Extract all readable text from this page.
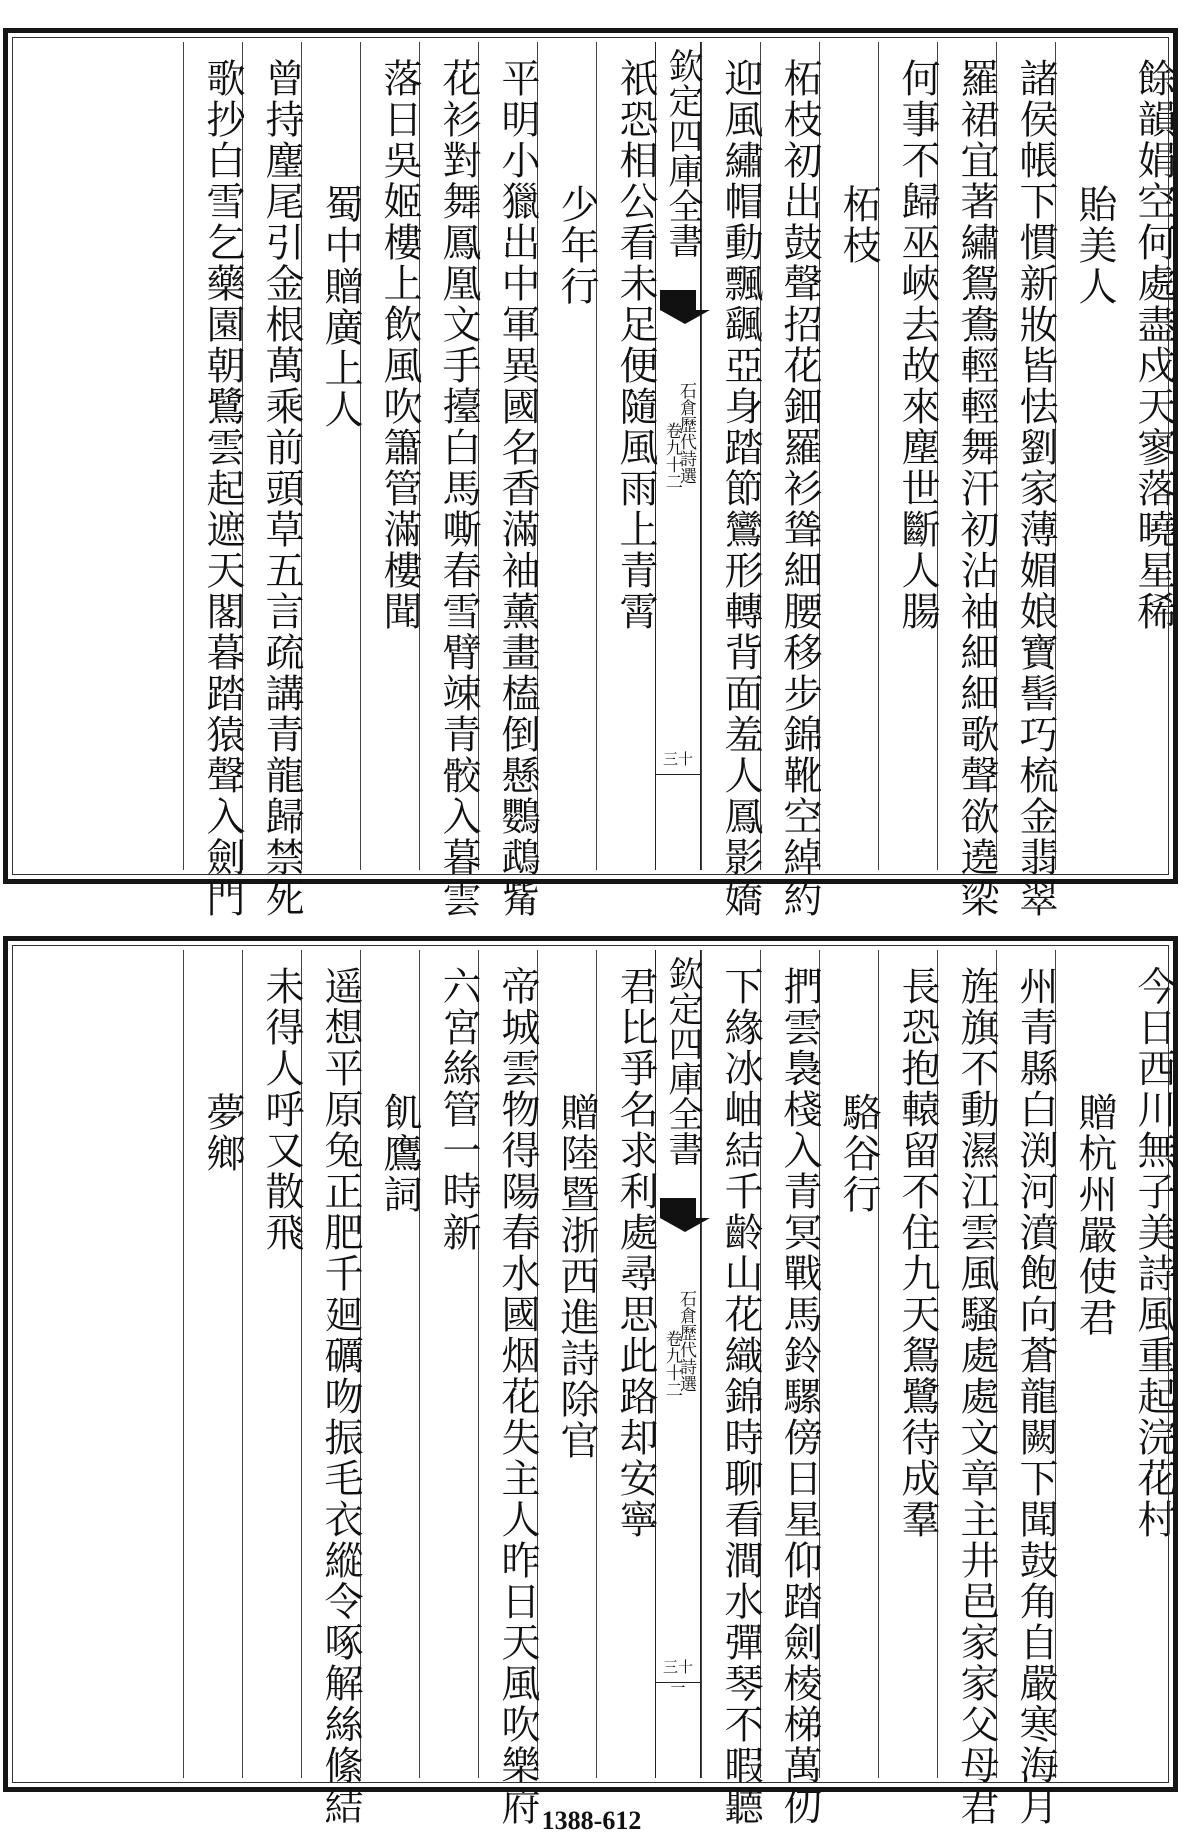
餘韻娟空何處盡戍天寥落曉星稀
貽美人
諸侯帳下慣新妝皆怯劉家薄媚娘寶髻巧梳金翡翠
羅裙宜著繡鴛鴦輕輕舞汗初沾袖細細歌聲欲遶梁
何事不歸巫峽去故來塵世斷人腸
柘枝
柘枝初出鼓聲招花鈿羅衫聳細腰移步錦靴空綽約
迎風繡帽動飄颻亞身踏節鸞形轉背面羞人鳳影嬌
欽定四庫全書
石倉歷代詩選
卷九十二
三十
祇恐相公看未足便隨風雨上青霄
少年行
平明小獵出中軍異國名香滿袖薰畫榼倒懸鸚鵡觜
花衫對舞鳳凰文手擡白馬嘶春雪臂竦青骹入暮雲
落日吳姬樓上飲風吹簫管滿樓聞
蜀中贈廣上人
曾持麈尾引金根萬乘前頭草五言疏講青龍歸禁死
歌抄白雪乞藥園朝鷺雲起遮天閣暮踏猿聲入劍門
今日西川無子美詩風重起浣花村
贈杭州嚴使君
州青縣白渕河濆飽向蒼龍闕下聞鼓角自嚴寒海月
旌旗不動濕江雲風騷處處文章主井邑家家父母君
長恐抱轅留不住九天鴛鷺待成羣
駱谷行
捫雲裊棧入青冥戰馬鈴騾傍日星仰踏劍棱梯萬仞
下緣冰岫結千齡山花織錦時聊看澗水彈琴不暇聽
欽定四庫全書
石倉歷代詩選
卷九十二
三十一
君比爭名求利處尋思此路却安寧
贈陸暨浙西進詩除官
帝城雲物得陽春水國烟花失主人昨日天風吹樂府
六宮絲管一時新
飢鷹詞
遥想平原兔正肥千廻礪吻振毛衣縱令啄解絲絛結
未得人呼又散飛
夢鄉
1388-612
